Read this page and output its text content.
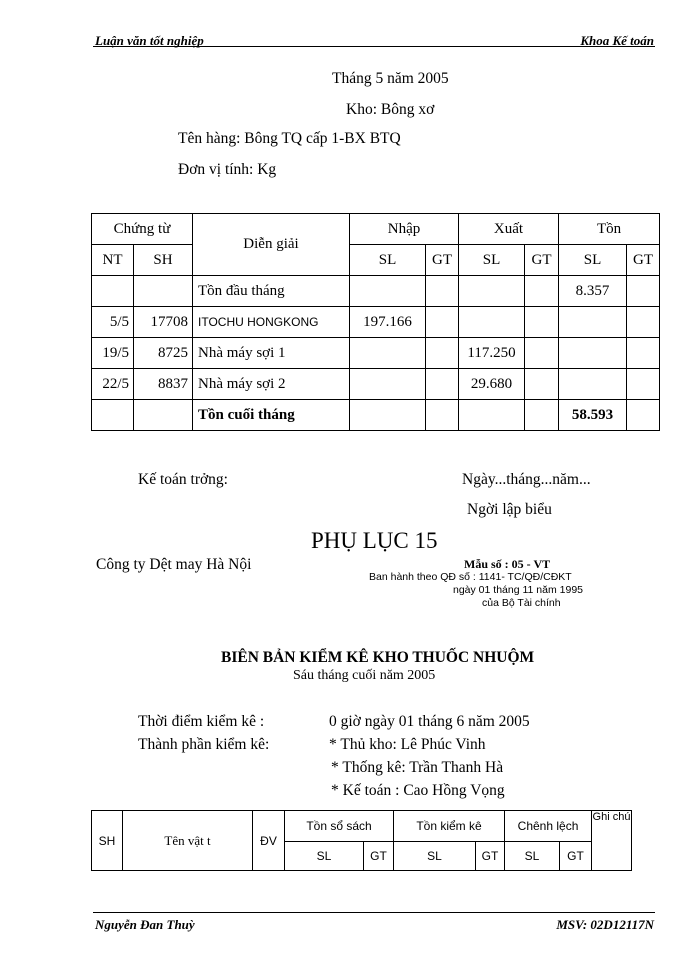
Luận văn tốt nghiệp	Khoa Kế toán
Tháng 5 năm 2005
Kho: Bông xơ
Tên hàng: Bông TQ cấp 1-BX BTQ
Đơn vị tính: Kg
Chứng từ		Diễn giải	Nhập		Xuất		Tồn	
NT	SH		SL	GT	SL	GT	SL	GT
		Tồn đầu tháng					8.357	
5/5	17708	ITOCHU HONGKONG	197.166					
19/5	8725	Nhà máy sợi 1			117.250			
22/5	8837	Nhà máy sợi 2			29.680			
		Tồn cuối tháng					58.593	
Kế toán trởng:	Ngày...tháng...năm...
Ngời lập biểu
PHỤ LỤC 15
Công ty Dệt may Hà Nội	Mẫu số : 05 - VT
Ban hành theo QĐ số : 1141- TC/QĐ/CĐKT
ngày 01 tháng 11 năm 1995
của Bộ Tài chính
BIÊN BẢN KIỂM KÊ KHO THUỐC NHUỘM
Sáu tháng cuối năm 2005
Thời điểm kiểm kê :	0 giờ ngày 01 tháng 6 năm 2005
Thành phần kiểm kê:	* Thủ kho: Lê Phúc Vinh
* Thống kê: Trần Thanh Hà
* Kế toán : Cao Hồng Vọng
SH	Tên vật t	ĐV	Tồn sổ sách		Tồn kiểm kê		Chênh lệch		Ghi chú
			SL	GT	SL	GT	SL	GT	
Nguyễn Đan Thuỳ	MSV: 02D12117N
